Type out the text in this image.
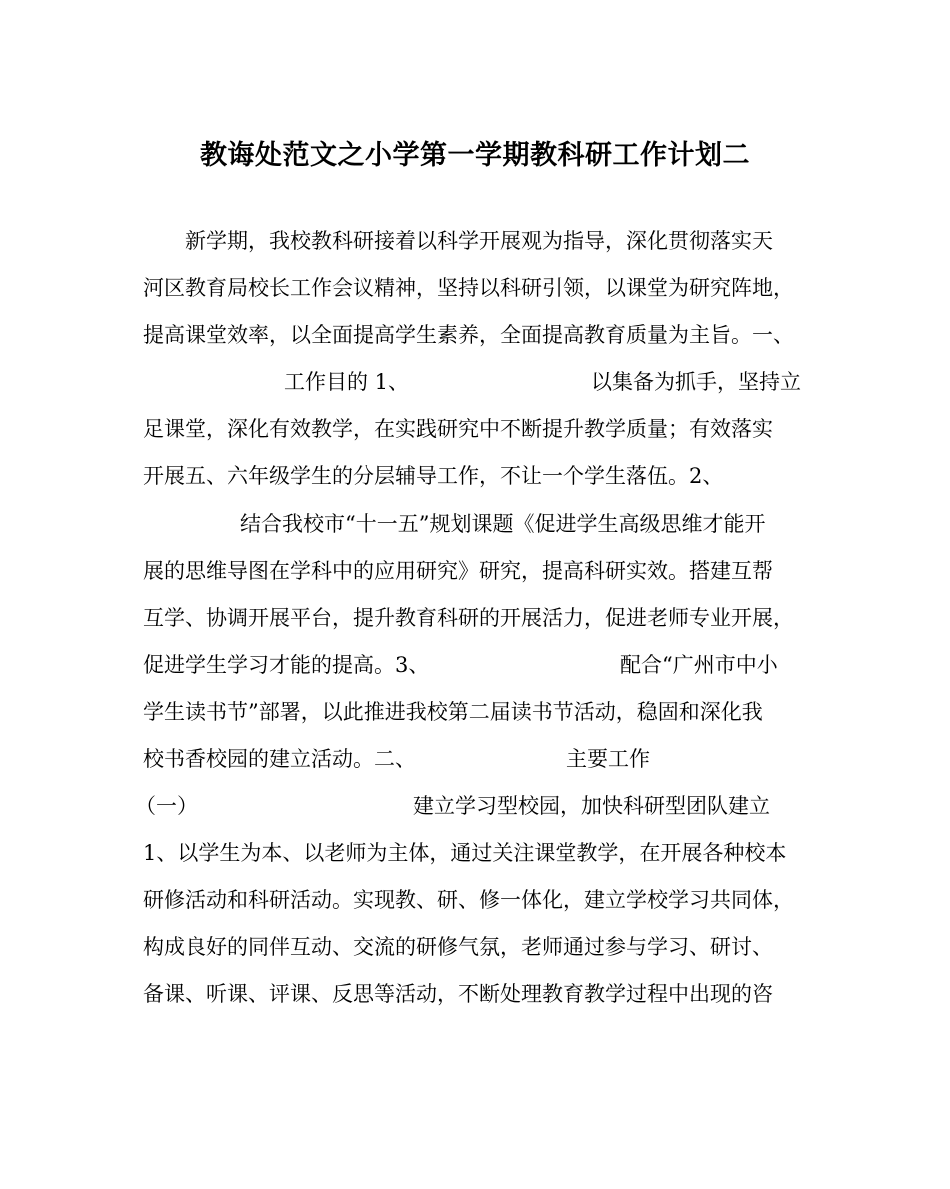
教诲处范文之小学第一学期教科研工作计划二
新学期，我校教科研接着以科学开展观为指导，深化贯彻落实天
河区教育局校长工作会议精神，坚持以科研引领，以课堂为研究阵地，
提高课堂效率，以全面提高学生素养，全面提高教育质量为主旨。一、
工作目的 1、	以集备为抓手，坚持立
足课堂，深化有效教学，在实践研究中不断提升教学质量；有效落实
开展五、六年级学生的分层辅导工作，不让一个学生落伍。2、
结合我校市“十一五”规划课题《促进学生高级思维才能开
展的思维导图在学科中的应用研究》研究，提高科研实效。搭建互帮
互学、协调开展平台，提升教育科研的开展活力，促进老师专业开展，
促进学生学习才能的提高。3、	配合“广州市中小
学生读书节”部署，以此推进我校第二届读书节活动，稳固和深化我
校书香校园的建立活动。二、	主要工作
（一）	建立学习型校园，加快科研型团队建立
1、以学生为本、以老师为主体，通过关注课堂教学，在开展各种校本
研修活动和科研活动。实现教、研、修一体化，建立学校学习共同体，
构成良好的同伴互动、交流的研修气氛，老师通过参与学习、研讨、
备课、听课、评课、反思等活动，不断处理教育教学过程中出现的咨
